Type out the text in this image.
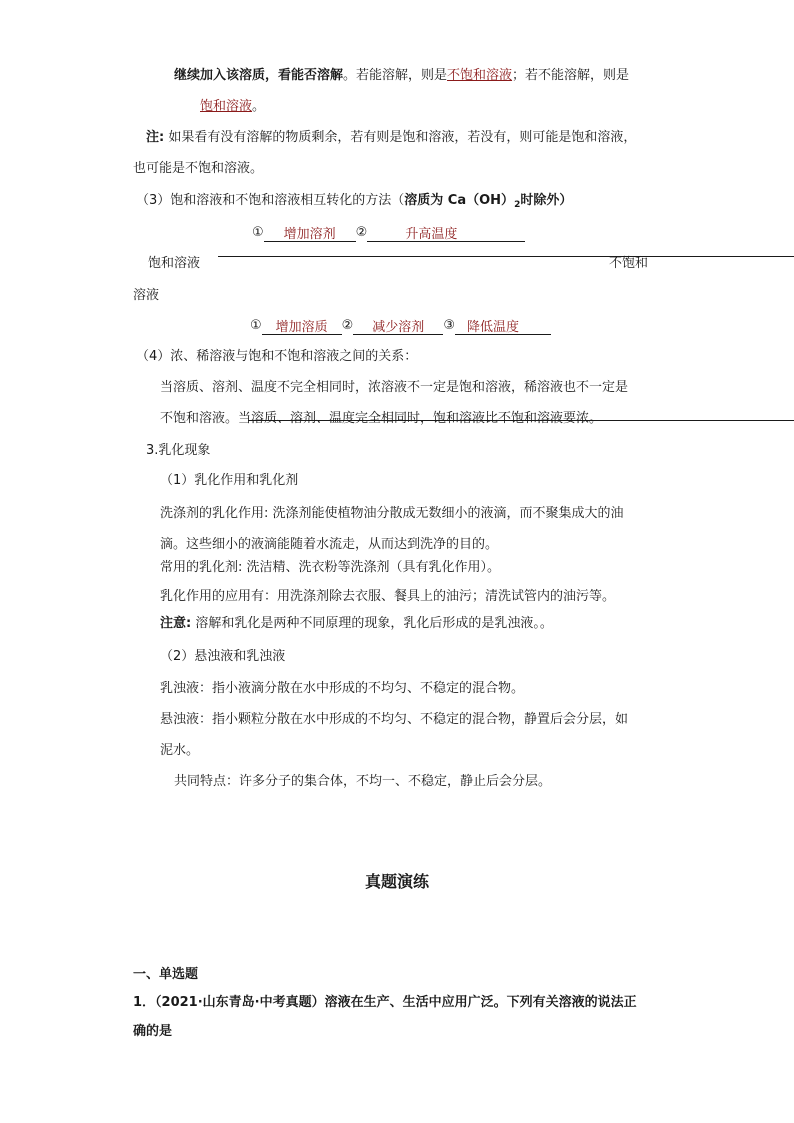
继续加入该溶质，看能否溶解。若能溶解，则是不饱和溶液；若不能溶解，则是
饱和溶液。
注: 如果看有没有溶解的物质剩余，若有则是饱和溶液，若没有，则可能是饱和溶液，
也可能是不饱和溶液。
（3）饱和溶液和不饱和溶液相互转化的方法（溶质为 $Ca(OH)_2$时除外）
① 增加溶剂 ②	升高温度
饱和溶液	不饱和
溶液
① 增加溶质 ② 减少溶剂 ③ 降低温度
（4）浓、稀溶液与饱和不饱和溶液之间的关系：
当溶质、溶剂、温度不完全相同时，浓溶液不一定是饱和溶液，稀溶液也不一定是
不饱和溶液。当溶质、溶剂、温度完全相同时，饱和溶液比不饱和溶液要浓。
3.乳化现象
（1）乳化作用和乳化剂
洗涤剂的乳化作用: 洗涤剂能使植物油分散成无数细小的液滴，而不聚集成大的油
滴。这些细小的液滴能随着水流走，从而达到洗净的目的。
常用的乳化剂: 洗洁精、洗衣粉等洗涤剂（具有乳化作用）。
乳化作用的应用有：用洗涤剂除去衣服、餐具上的油污；清洗试管内的油污等。
注意: 溶解和乳化是两种不同原理的现象，乳化后形成的是乳浊液。。
（2）悬浊液和乳浊液
乳浊液：指小液滴分散在水中形成的不均匀、不稳定的混合物。
悬浊液：指小颗粒分散在水中形成的不均匀、不稳定的混合物，静置后会分层，如
泥水。
共同特点：许多分子的集合体，不均一、不稳定，静止后会分层。
真题演练
一、单选题
1．（2021·山东青岛·中考真题）溶液在生产、生活中应用广泛。下列有关溶液的说法正
确的是
